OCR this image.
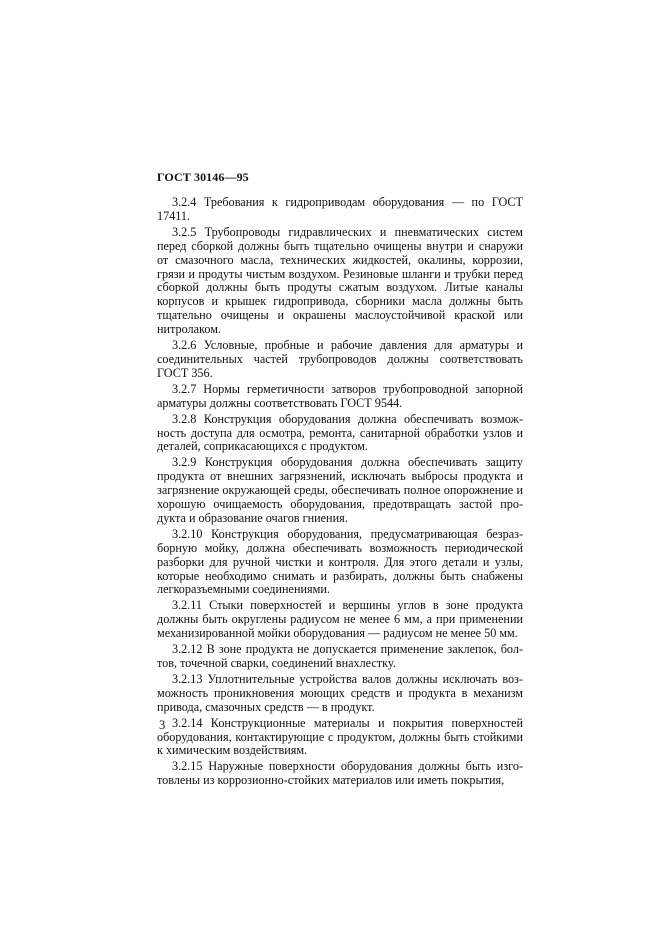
ГОСТ 30146—95

3.2.4 Требования к гидроприводам оборудования — по ГОСТ 17411.

3.2.5 Трубопроводы гидравлических и пневматических систем перед сборкой должны быть тщательно очищены внутри и снаружи от смазочного масла, технических жидкостей, окалины, коррозии, грязи и продуты чистым воздухом. Резиновые шланги и трубки перед сборкой должны быть продуты сжатым воздухом. Литые каналы корпусов и крышек гидропривода, сборники масла должны быть тщательно очищены и окрашены маслоустойчивой краской или нитролаком.

3.2.6 Условные, пробные и рабочие давления для арматуры и соединительных частей трубопроводов должны соответствовать ГОСТ 356.

3.2.7 Нормы герметичности затворов трубопроводной запорной арматуры должны соответствовать ГОСТ 9544.

3.2.8 Конструкция оборудования должна обеспечивать возможность доступа для осмотра, ремонта, санитарной обработки узлов и деталей, соприкасающихся с продуктом.

3.2.9 Конструкция оборудования должна обеспечивать защиту продукта от внешних загрязнений, исключать выбросы продукта и загрязнение окружающей среды, обеспечивать полное опорожнение и хорошую очищаемость оборудования, предотвращать застой продукта и образование очагов гниения.

3.2.10 Конструкция оборудования, предусматривающая безразборную мойку, должна обеспечивать возможность периодической разборки для ручной чистки и контроля. Для этого детали и узлы, которые необходимо снимать и разбирать, должны быть снабжены легкоразъемными соединениями.

3.2.11 Стыки поверхностей и вершины углов в зоне продукта должны быть округлены радиусом не менее 6 мм, а при применении механизированной мойки оборудования — радиусом не менее 50 мм.

3.2.12 В зоне продукта не допускается применение заклепок, болтов, точечной сварки, соединений внахлестку.

3.2.13 Уплотнительные устройства валов должны исключать возможность проникновения моющих средств и продукта в механизм привода, смазочных средств — в продукт.

3.2.14 Конструкционные материалы и покрытия поверхностей оборудования, контактирующие с продуктом, должны быть стойкими к химическим воздействиям.

3.2.15 Наружные поверхности оборудования должны быть изготовлены из коррозионно-стойких материалов или иметь покрытия,

3
